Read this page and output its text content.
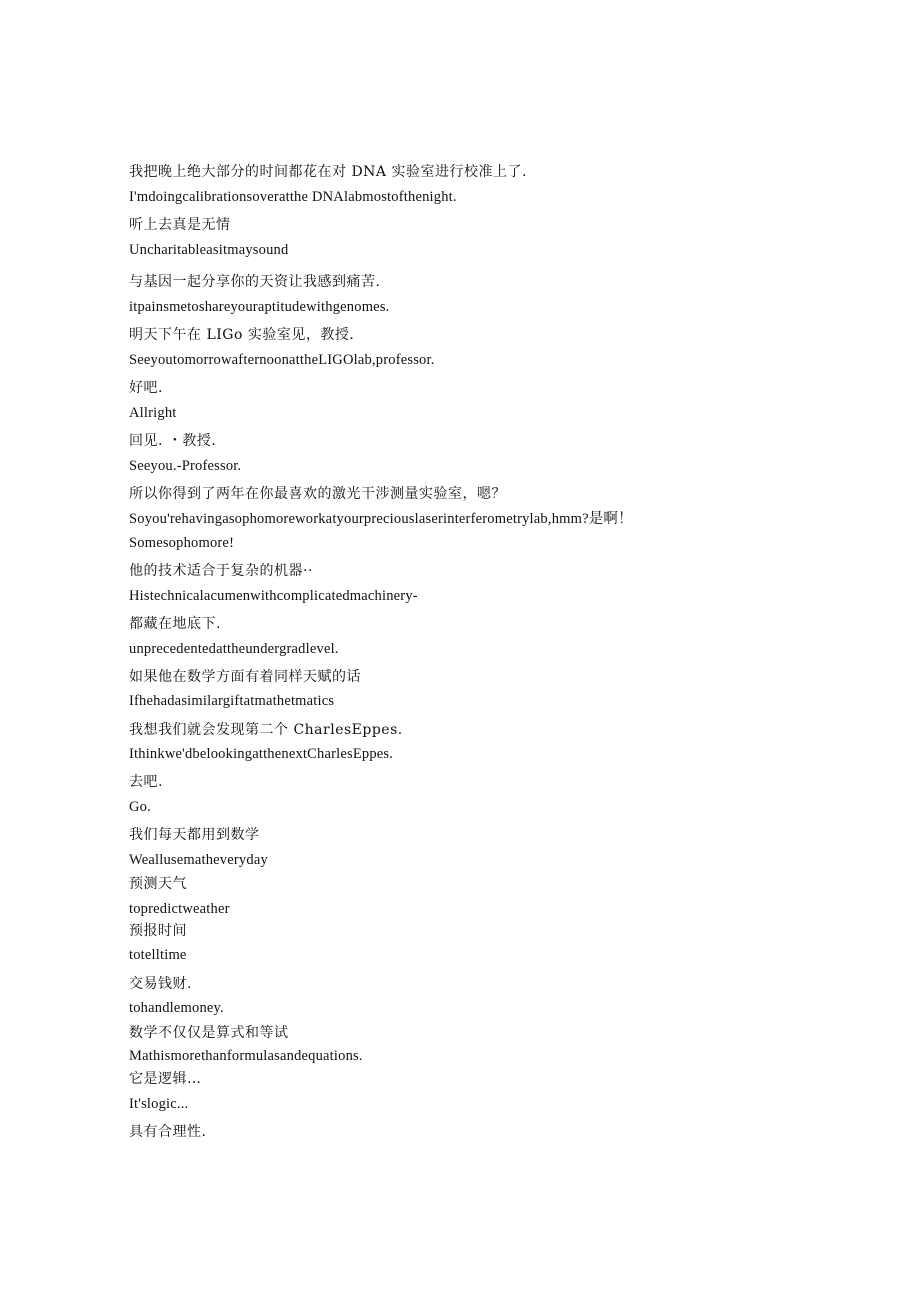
我把晚上绝大部分的时间都花在对 DNA 实验室进行校准上了.
I'mdoingcalibrationsoveratthe DNAlabmostofthenight.
听上去真是无情
Uncharitableasitmaysound
与基因一起分享你的天资让我感到痛苦.
itpainsmetoshareyouraptitudewithgenomes.
明天下午在 LIGo 实验室见，教授.
SeeyoutomorrowafternoonattheLIGOlab,professor.
好吧.
Allright
回见. ・教授.
Seeyou.-Professor.
所以你得到了两年在你最喜欢的激光干涉测量实验室，嗯？
Soyou'rehavingasophomoreworkatyourpreciouslaserinterferometrylab,hmm?是啊！
Somesophomore!
他的技术适合于复杂的机器··
Histechnicalacumenwithcomplicatedmachinery-
都藏在地底下.
unprecedentedattheundergradlevel.
如果他在数学方面有着同样天赋的话
Ifhehadasimilargiftatmathetmatics
我想我们就会发现第二个 CharlesEppes.
Ithinkwe'dbelookingatthenextCharlesEppes.
去吧.
Go.
我们每天都用到数学
Weallusematheveryday
预测天气
topredictweather
预报时间
totelltime
交易钱财.
tohandlemoney.
数学不仅仅是算式和等试
Mathismorethanformulasandequations.
它是逻辑…
It'slogic...
具有合理性.
